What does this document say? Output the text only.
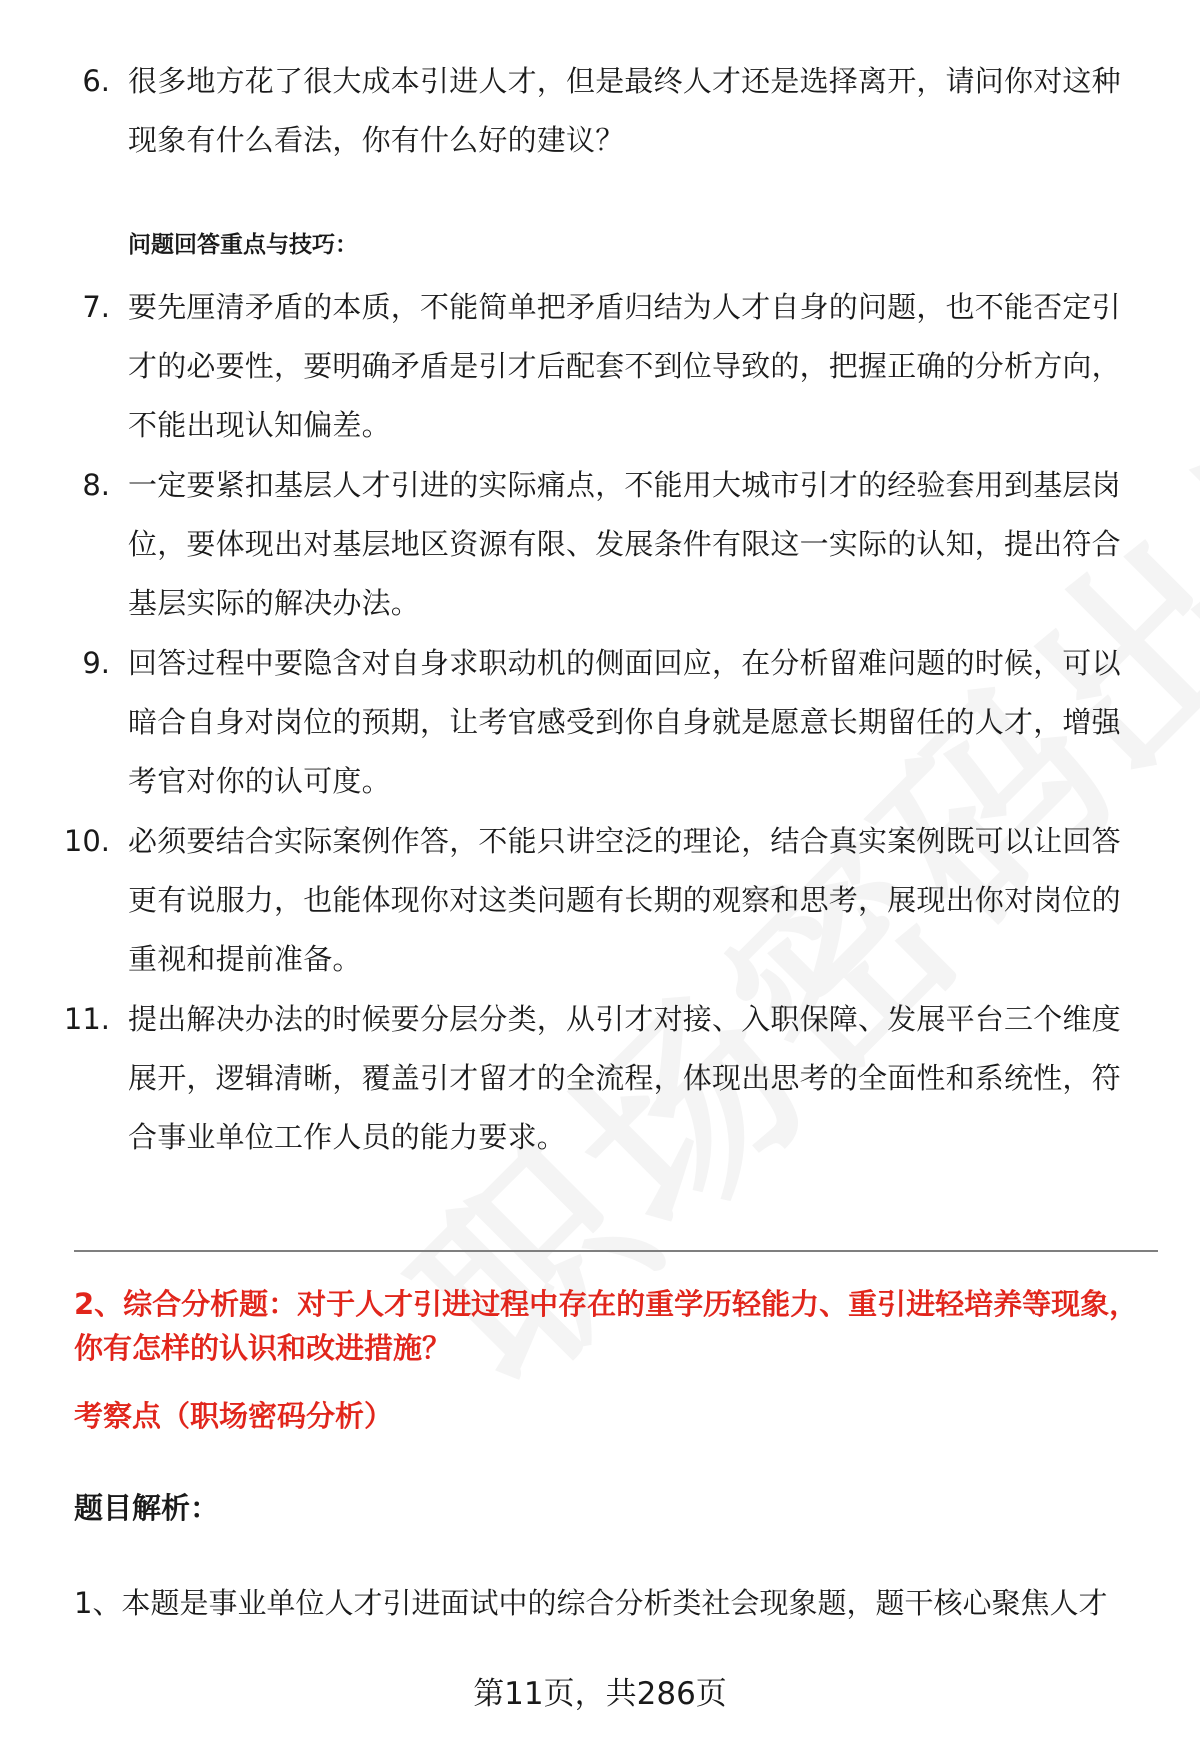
6. 很多地方花了很大成本引进人才，但是最终人才还是选择离开，请问你对这种现象有什么看法，你有什么好的建议？
问题回答重点与技巧：
7. 要先厘清矛盾的本质，不能简单把矛盾归结为人才自身的问题，也不能否定引才的必要性，要明确矛盾是引才后配套不到位导致的，把握正确的分析方向，不能出现认知偏差。
8. 一定要紧扣基层人才引进的实际痛点，不能用大城市引才的经验套用到基层岗位，要体现出对基层地区资源有限、发展条件有限这一实际的认知，提出符合基层实际的解决办法。
9. 回答过程中要隐含对自身求职动机的侧面回应，在分析留难问题的时候，可以暗合自身对岗位的预期，让考官感受到你自身就是愿意长期留任的人才，增强考官对你的认可度。
10. 必须要结合实际案例作答，不能只讲空泛的理论，结合真实案例既可以让回答更有说服力，也能体现你对这类问题有长期的观察和思考，展现出你对岗位的重视和提前准备。
11. 提出解决办法的时候要分层分类，从引才对接、入职保障、发展平台三个维度展开，逻辑清晰，覆盖引才留才的全流程，体现出思考的全面性和系统性，符合事业单位工作人员的能力要求。
2、综合分析题：对于人才引进过程中存在的重学历轻能力、重引进轻培养等现象，你有怎样的认识和改进措施？
考察点（职场密码分析）
题目解析：
1、本题是事业单位人才引进面试中的综合分析类社会现象题，题干核心聚焦人才
第11页，共286页
